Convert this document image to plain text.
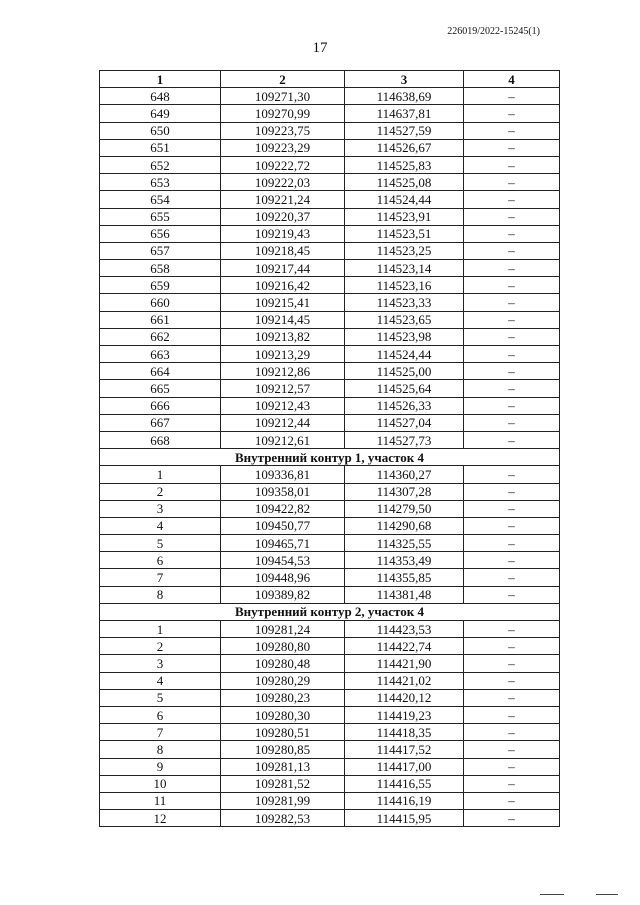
226019/2022-15245(1)
17
1	2	3	4
648	109271,30	114638,69	–
649	109270,99	114637,81	–
650	109223,75	114527,59	–
651	109223,29	114526,67	–
652	109222,72	114525,83	–
653	109222,03	114525,08	–
654	109221,24	114524,44	–
655	109220,37	114523,91	–
656	109219,43	114523,51	–
657	109218,45	114523,25	–
658	109217,44	114523,14	–
659	109216,42	114523,16	–
660	109215,41	114523,33	–
661	109214,45	114523,65	–
662	109213,82	114523,98	–
663	109213,29	114524,44	–
664	109212,86	114525,00	–
665	109212,57	114525,64	–
666	109212,43	114526,33	–
667	109212,44	114527,04	–
668	109212,61	114527,73	–
Внутренний контур 1, участок 4			
1	109336,81	114360,27	–
2	109358,01	114307,28	–
3	109422,82	114279,50	–
4	109450,77	114290,68	–
5	109465,71	114325,55	–
6	109454,53	114353,49	–
7	109448,96	114355,85	–
8	109389,82	114381,48	–
Внутренний контур 2, участок 4			
1	109281,24	114423,53	–
2	109280,80	114422,74	–
3	109280,48	114421,90	–
4	109280,29	114421,02	–
5	109280,23	114420,12	–
6	109280,30	114419,23	–
7	109280,51	114418,35	–
8	109280,85	114417,52	–
9	109281,13	114417,00	–
10	109281,52	114416,55	–
11	109281,99	114416,19	–
12	109282,53	114415,95	–
